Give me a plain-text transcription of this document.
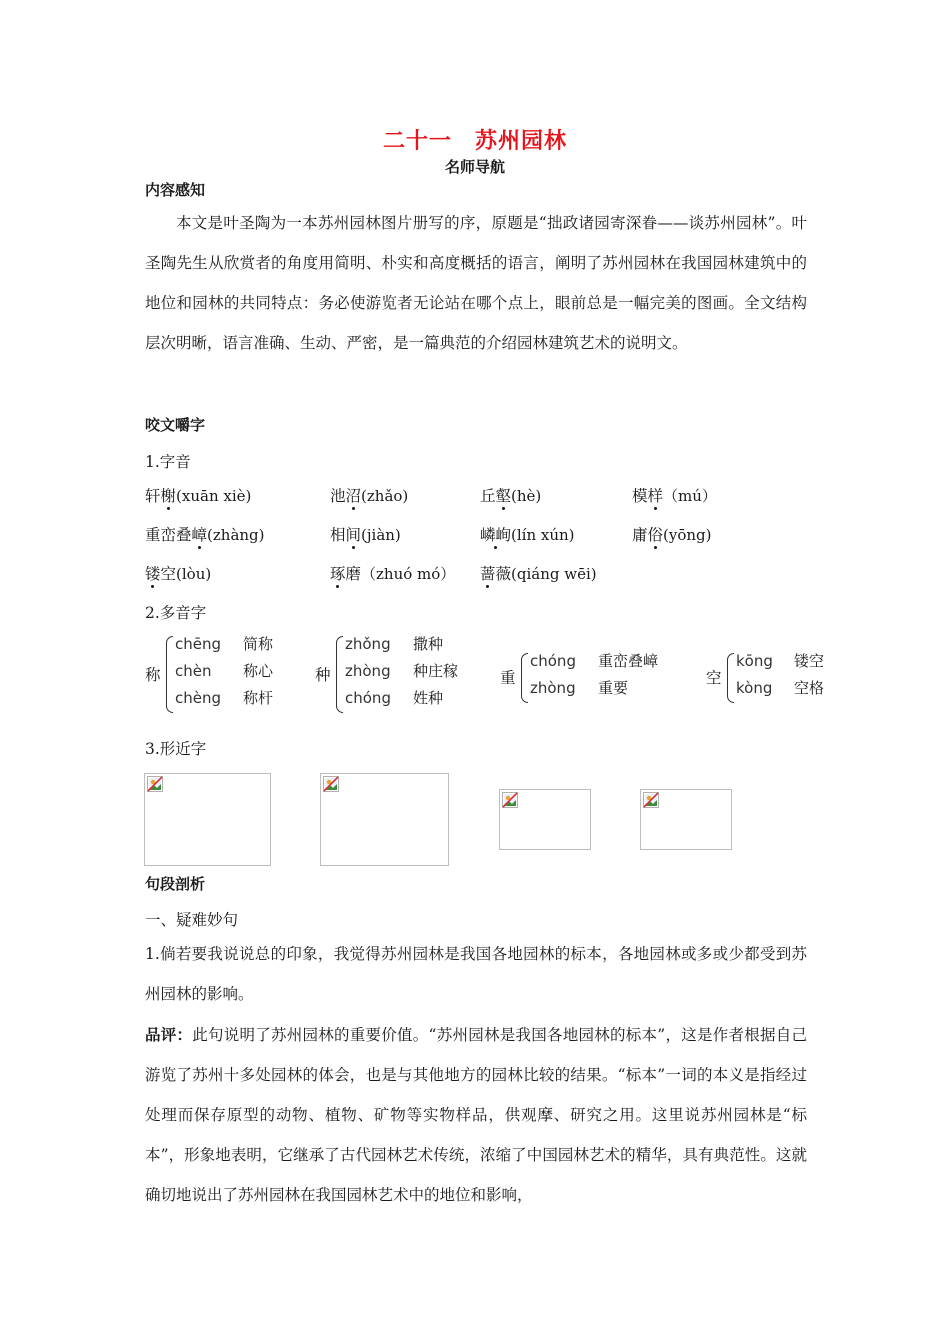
二十一　苏州园林
名师导航
内容感知
本文是叶圣陶为一本苏州园林图片册写的序，原题是“拙政诸园寄深眷——谈苏州园林”。叶圣陶先生从欣赏者的角度用简明、朴实和高度概括的语言，阐明了苏州园林在我国园林建筑中的地位和园林的共同特点：务必使游览者无论站在哪个点上，眼前总是一幅完美的图画。全文结构层次明晰，语言准确、生动、严密，是一篇典范的介绍园林建筑艺术的说明文。
咬文嚼字
1.字音
轩榭(xuān xiè)	池沼(zhǎo)	丘壑(hè)	模样（mú）
重峦叠嶂(zhàng)	相间(jiàn)	嶙峋(lín xún)	庸俗(yōng)
镂空(lòu)	琢磨（zhuó mó） 蔷薇(qiáng wēi)
2.多音字
称
chēng 简称
chèn 称心
chèng 称杆
种
zhǒng 撒种
zhòng 种庄稼
chóng 姓种
重
chóng 重峦叠嶂
zhòng 重要
空
kōng 镂空
kòng 空格
3.形近字
句段剖析
一、疑难妙句
1.倘若要我说说总的印象，我觉得苏州园林是我国各地园林的标本，各地园林或多或少都受到苏州园林的影响。
品评：此句说明了苏州园林的重要价值。“苏州园林是我国各地园林的标本”，这是作者根据自己游览了苏州十多处园林的体会，也是与其他地方的园林比较的结果。“标本”一词的本义是指经过处理而保存原型的动物、植物、矿物等实物样品，供观摩、研究之用。这里说苏州园林是“标本”，形象地表明，它继承了古代园林艺术传统，浓缩了中国园林艺术的精华，具有典范性。这就确切地说出了苏州园林在我国园林艺术中的地位和影响，
